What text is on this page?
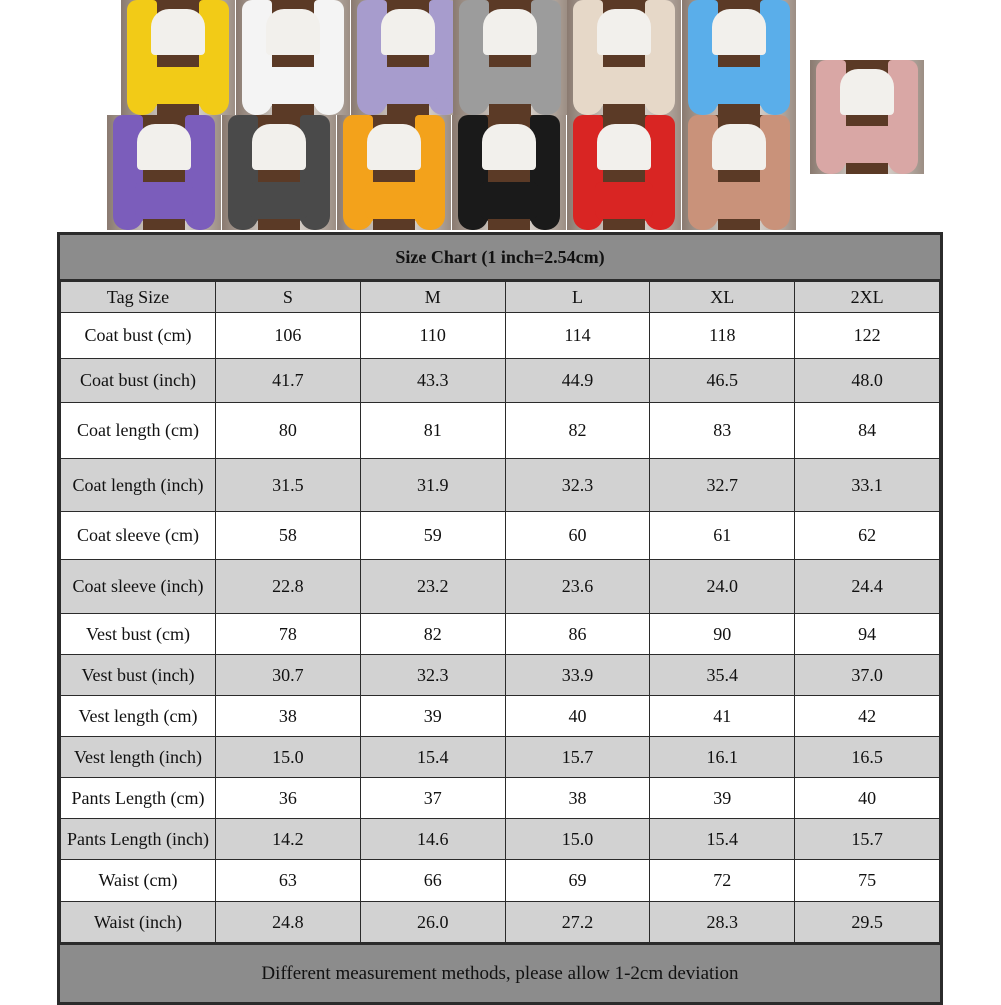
Size Chart (1 inch=2.54cm)
Tag Size	S	M	L	XL	2XL
Coat bust (cm)	106	110	114	118	122
Coat bust (inch)	41.7	43.3	44.9	46.5	48.0
Coat length (cm)	80	81	82	83	84
Coat length (inch)	31.5	31.9	32.3	32.7	33.1
Coat sleeve (cm)	58	59	60	61	62
Coat sleeve (inch)	22.8	23.2	23.6	24.0	24.4
Vest bust (cm)	78	82	86	90	94
Vest bust (inch)	30.7	32.3	33.9	35.4	37.0
Vest length (cm)	38	39	40	41	42
Vest length (inch)	15.0	15.4	15.7	16.1	16.5
Pants Length (cm)	36	37	38	39	40
Pants Length (inch)	14.2	14.6	15.0	15.4	15.7
Waist (cm)	63	66	69	72	75
Waist (inch)	24.8	26.0	27.2	28.3	29.5
Different measurement methods, please allow 1-2cm deviation
